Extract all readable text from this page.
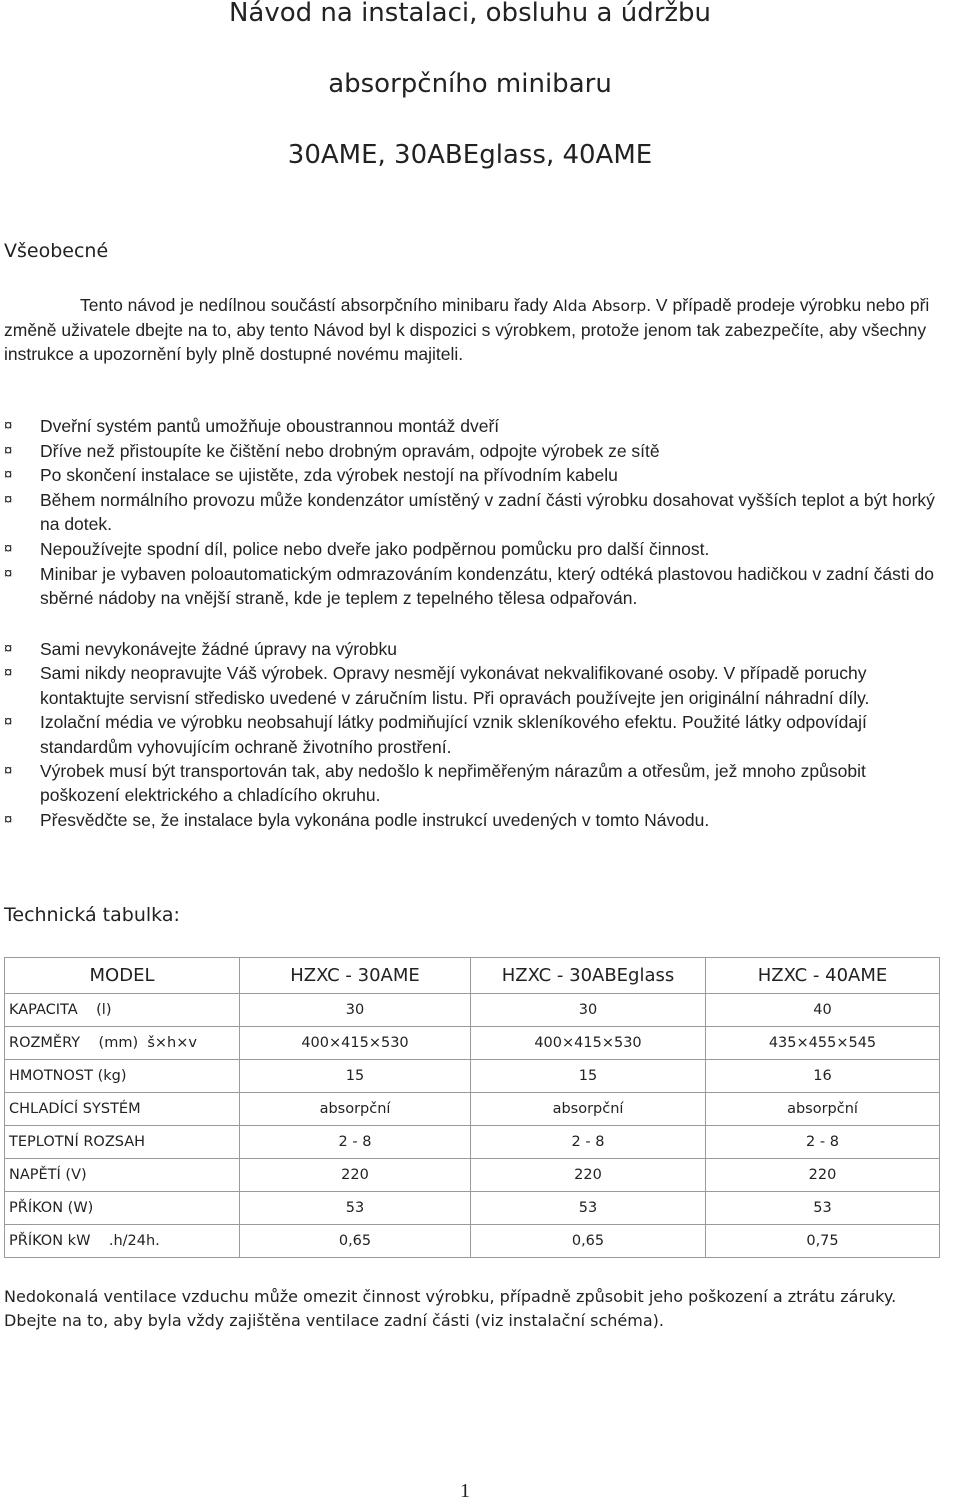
Návod na instalaci, obsluhu a údržbu
absorpčního minibaru
30AME, 30ABEglass, 40AME
Všeobecné

Tento návod je nedílnou součástí absorpčního minibaru řady Alda Absorp. V případě prodeje výrobku nebo při změně uživatele dbejte na to, aby tento Návod byl k dispozici s výrobkem, protože jenom tak zabezpečíte, aby všechny instrukce a upozornění byly plně dostupné novému majiteli.

¤ Dveřní systém pantů umožňuje oboustrannou montáž dveří
¤ Dříve než přistoupíte ke čištění nebo drobným opravám, odpojte výrobek ze sítě
¤ Po skončení instalace se ujistěte, zda výrobek nestojí na přívodním kabelu
¤ Během normálního provozu může kondenzátor umístěný v zadní části výrobku dosahovat vyšších teplot a být horký na dotek.
¤ Nepoužívejte spodní díl, police nebo dveře jako podpěrnou pomůcku pro další činnost.
¤ Minibar je vybaven poloautomatickým odmrazováním kondenzátu, který odtéká plastovou hadičkou v zadní části do sběrné nádoby na vnější straně, kde je teplem z tepelného tělesa odpařován.
¤ Sami nevykonávejte žádné úpravy na výrobku
¤ Sami nikdy neopravujte Váš výrobek. Opravy nesmějí vykonávat nekvalifikované osoby. V případě poruchy kontaktujte servisní středisko uvedené v záručním listu. Při opravách používejte jen originální náhradní díly.
¤ Izolační média ve výrobku neobsahují látky podmiňující vznik skleníkového efektu. Použité látky odpovídají standardům vyhovujícím ochraně životního prostření.
¤ Výrobek musí být transportován tak, aby nedošlo k nepřiměřeným nárazům a otřesům, jež mnoho způsobit poškození elektrického a chladícího okruhu.
¤ Přesvědčte se, že instalace byla vykonána podle instrukcí uvedených v tomto Návodu.
Technická tabulka:
MODEL	HZXC - 30AME	HZXC - 30ABEglass	HZXC - 40AME
KAPACITA    (l)	30	30	40
ROZMĚRY    (mm)  š×h×v	400×415×530	400×415×530	435×455×545
HMOTNOST (kg)	15	15	16
CHLADÍCÍ SYSTÉM	absorpční	absorpční	absorpční
TEPLOTNÍ ROZSAH	2 - 8	2 - 8	2 - 8
NAPĚTÍ (V)	220	220	220
PŘÍKON (W)	53	53	53
PŘÍKON kW    .h/24h.	0,65	0,65	0,75

Nedokonalá ventilace vzduchu může omezit činnost výrobku, případně způsobit jeho poškození a ztrátu záruky.
Dbejte na to, aby byla vždy zajištěna ventilace zadní části (viz instalační schéma).

1
